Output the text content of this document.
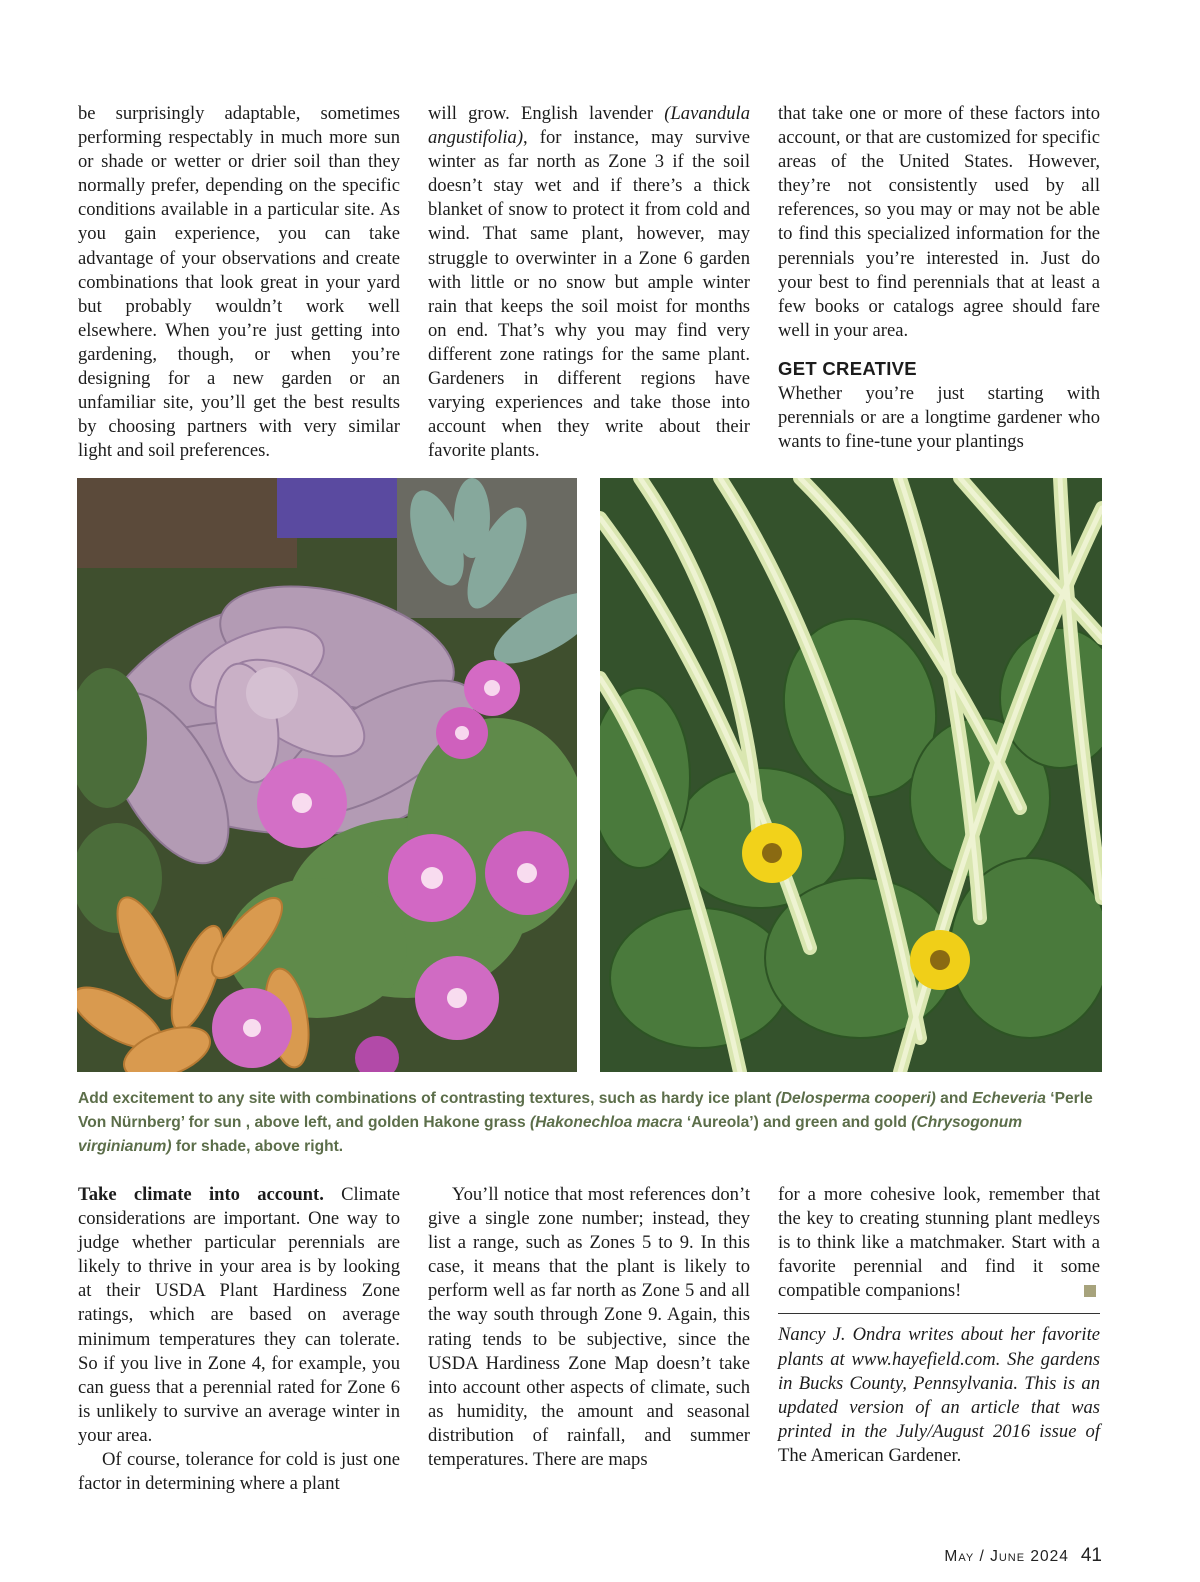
be surprisingly adaptable, sometimes performing respectably in much more sun or shade or wetter or drier soil than they normally prefer, depending on the specific conditions available in a particular site. As you gain experience, you can take advantage of your observations and create combinations that look great in your yard but probably wouldn’t work well elsewhere. When you’re just getting into gardening, though, or when you’re designing for a new garden or an unfamiliar site, you’ll get the best results by choosing partners with very similar light and soil preferences.

will grow. English lavender (Lavandula angustifolia), for instance, may survive winter as far north as Zone 3 if the soil doesn’t stay wet and if there’s a thick blanket of snow to protect it from cold and wind. That same plant, however, may struggle to overwinter in a Zone 6 garden with little or no snow but ample winter rain that keeps the soil moist for months on end. That’s why you may find very different zone ratings for the same plant. Gardeners in different regions have varying experiences and take those into account when they write about their favorite plants.

that take one or more of these factors into account, or that are customized for specific areas of the United States. However, they’re not consistently used by all references, so you may or may not be able to find this specialized information for the perennials you’re interested in. Just do your best to find perennials that at least a few books or catalogs agree should fare well in your area.

GET CREATIVE

Whether you’re just starting with perennials or are a longtime gardener who wants to fine-tune your plantings

Add excitement to any site with combinations of contrasting textures, such as hardy ice plant (Delosperma cooperi) and Echeveria ‘Perle Von Nürnberg’ for sun , above left, and golden Hakone grass (Hakonechloa macra ‘Aureola’) and green and gold (Chrysogonum virginianum) for shade, above right.

Take climate into account. Climate considerations are important. One way to judge whether particular perennials are likely to thrive in your area is by looking at their USDA Plant Hardiness Zone ratings, which are based on average minimum temperatures they can tolerate. So if you live in Zone 4, for example, you can guess that a perennial rated for Zone 6 is unlikely to survive an average winter in your area.

Of course, tolerance for cold is just one factor in determining where a plant

You’ll notice that most references don’t give a single zone number; instead, they list a range, such as Zones 5 to 9. In this case, it means that the plant is likely to perform well as far north as Zone 5 and all the way south through Zone 9. Again, this rating tends to be subjective, since the USDA Hardiness Zone Map doesn’t take into account other aspects of climate, such as humidity, the amount and seasonal distribution of rainfall, and summer temperatures. There are maps

for a more cohesive look, remember that the key to creating stunning plant medleys is to think like a matchmaker. Start with a favorite perennial and find it some compatible companions!

Nancy J. Ondra writes about her favorite plants at www.hayefield.com. She gardens in Bucks County, Pennsylvania. This is an updated version of an article that was printed in the July/August 2016 issue of The American Gardener.

May / June 2024 41
